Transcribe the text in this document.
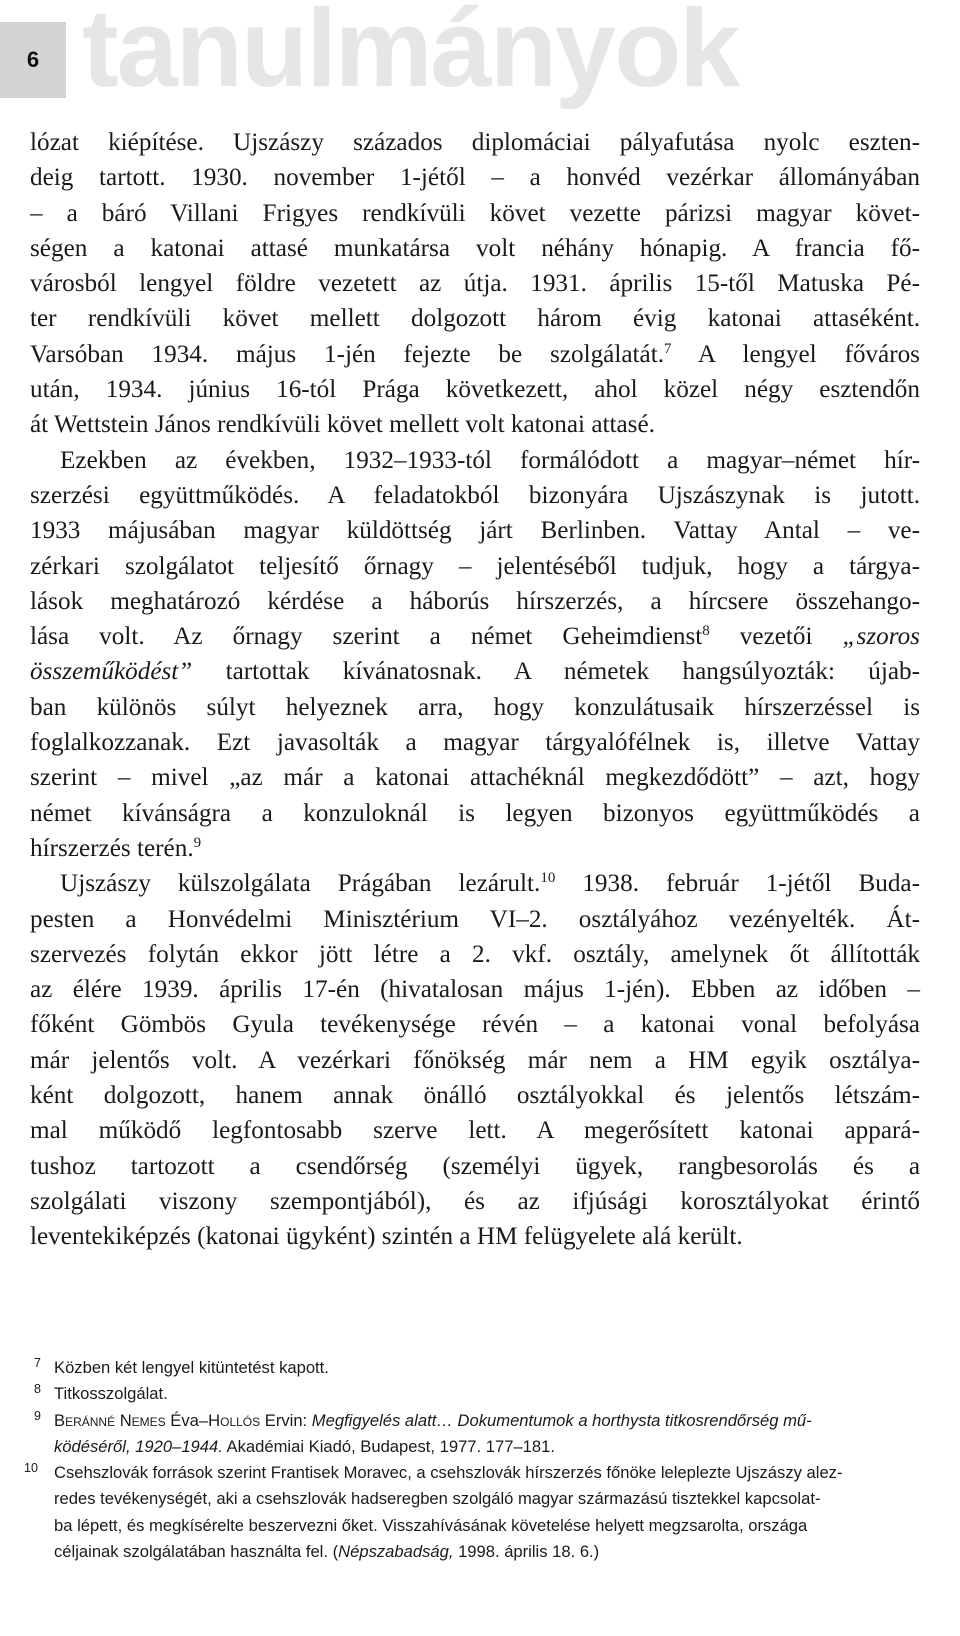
6 tanulmányok
lózat kiépítése. Ujszászy százados diplomáciai pályafutása nyolc eszten-
deig tartott. 1930. november 1-jétől – a honvéd vezérkar állományában
– a báró Villani Frigyes rendkívüli követ vezette párizsi magyar követ-
ségen a katonai attasé munkatársa volt néhány hónapig. A francia fő-
városból lengyel földre vezetett az útja. 1931. április 15-től Matuska Pé-
ter rendkívüli követ mellett dolgozott három évig katonai attaséként.
Varsóban 1934. május 1-jén fejezte be szolgálatát.$^7$ A lengyel főváros
után, 1934. június 16-tól Prága következett, ahol közel négy esztendőn
át Wettstein János rendkívüli követ mellett volt katonai attasé.
Ezekben az években, 1932–1933-tól formálódott a magyar–német hír-
szerzési együttműködés. A feladatokból bizonyára Ujszászynak is jutott.
1933 májusában magyar küldöttség járt Berlinben. Vattay Antal – ve-
zérkari szolgálatot teljesítő őrnagy – jelentéséből tudjuk, hogy a tárgya-
lások meghatározó kérdése a háborús hírszerzés, a hírcsere összehango-
lása volt. Az őrnagy szerint a német Geheimdienst$^8$ vezetői „szoros
összeműködést” tartottak kívánatosnak. A németek hangsúlyozták: újab-
ban különös súlyt helyeznek arra, hogy konzulátusaik hírszerzéssel is
foglalkozzanak. Ezt javasolták a magyar tárgyalófélnek is, illetve Vattay
szerint – mivel „az már a katonai attachéknál megkezdődött” – azt, hogy
német kívánságra a konzuloknál is legyen bizonyos együttműködés a
hírszerzés terén.$^9$
Ujszászy külszolgálata Prágában lezárult.$^{10}$ 1938. február 1-jétől Buda-
pesten a Honvédelmi Minisztérium VI–2. osztályához vezényelték. Át-
szervezés folytán ekkor jött létre a 2. vkf. osztály, amelynek őt állították
az élére 1939. április 17-én (hivatalosan május 1-jén). Ebben az időben –
főként Gömbös Gyula tevékenysége révén – a katonai vonal befolyása
már jelentős volt. A vezérkari főnökség már nem a HM egyik osztálya-
ként dolgozott, hanem annak önálló osztályokkal és jelentős létszám-
mal működő legfontosabb szerve lett. A megerősített katonai appará-
tushoz tartozott a csendőrség (személyi ügyek, rangbesorolás és a
szolgálati viszony szempontjából), és az ifjúsági korosztályokat érintő
leventekiképzés (katonai ügyként) szintén a HM felügyelete alá került.
7 Közben két lengyel kitüntetést kapott.
8 Titkosszolgálat.
9 Beránné Nemes Éva–Hollós Ervin: Megfigyelés alatt… Dokumentumok a horthysta titkosrendőrség mű-
ködéséről, 1920–1944. Akadémiai Kiadó, Budapest, 1977. 177–181.
10 Csehszlovák források szerint Frantisek Moravec, a csehszlovák hírszerzés főnöke leleplezte Ujszászy alez-
redes tevékenységét, aki a csehszlovák hadseregben szolgáló magyar származású tisztekkel kapcsolat-
ba lépett, és megkísérelte beszervezni őket. Visszahívásának követelése helyett megzsarolta, országa
céljainak szolgálatában használta fel. (Népszabadság, 1998. április 18. 6.)
